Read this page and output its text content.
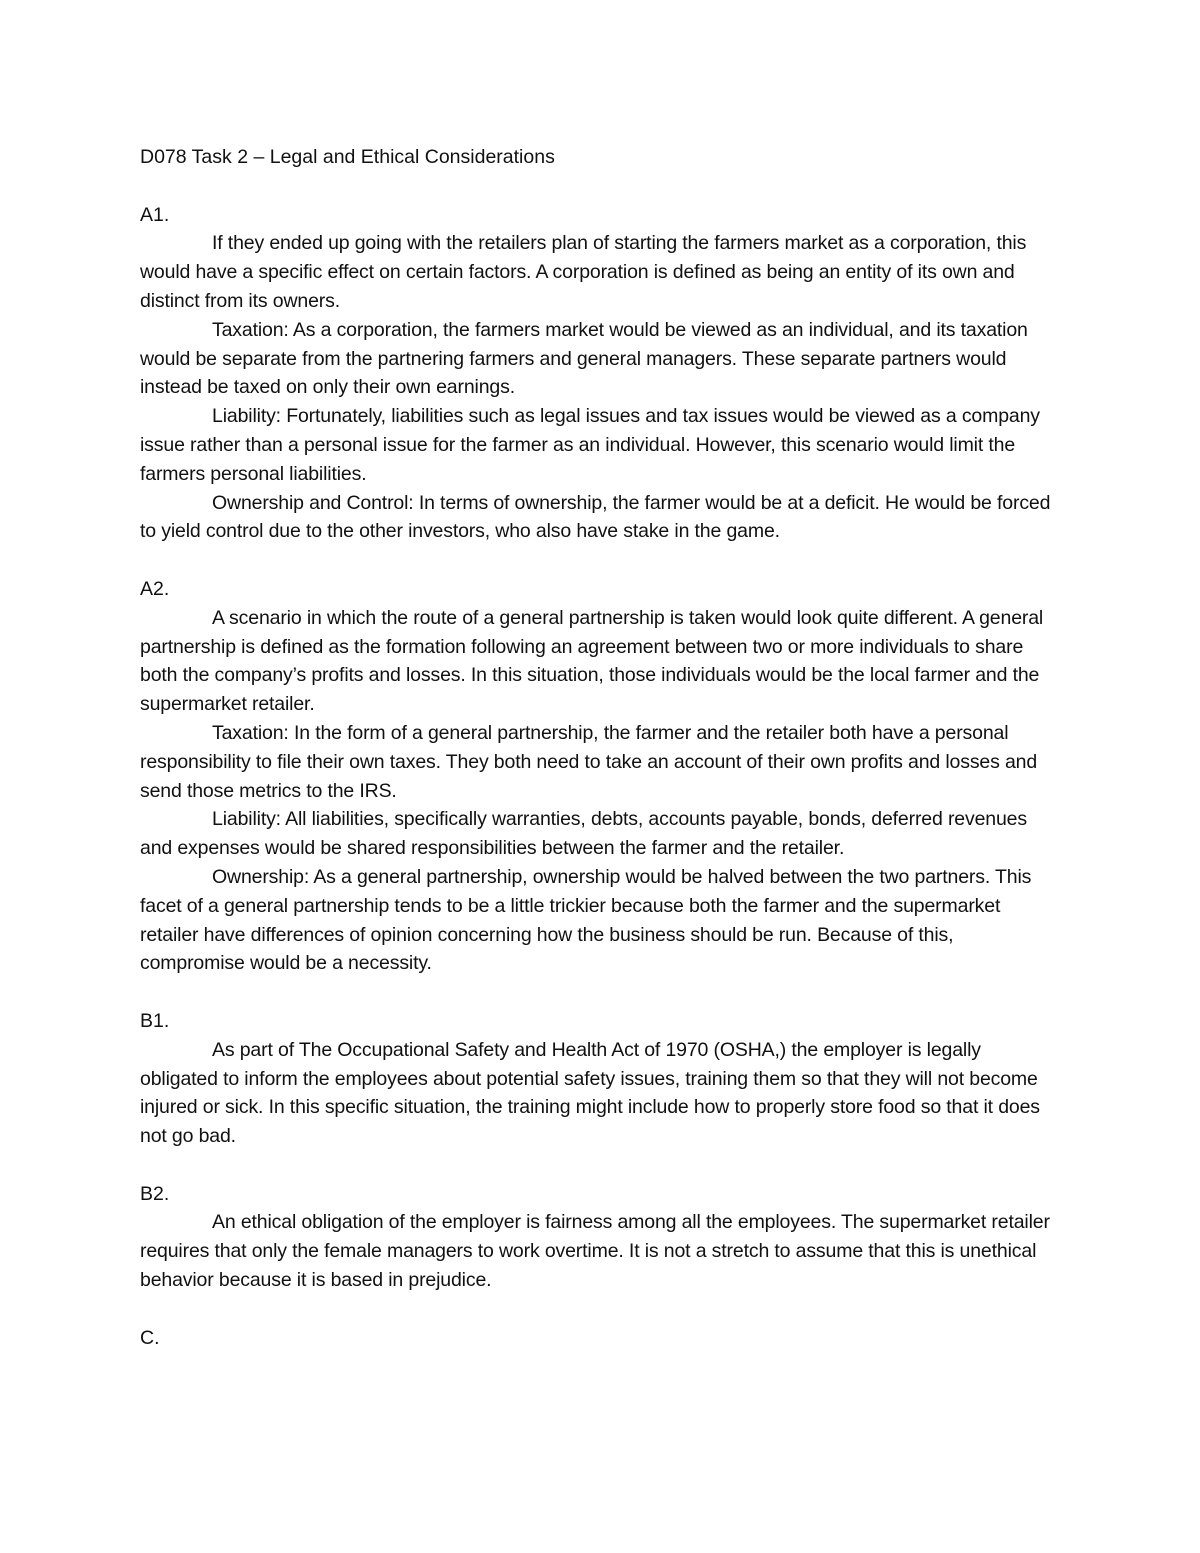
D078 Task 2 – Legal and Ethical Considerations

A1.

If they ended up going with the retailers plan of starting the farmers market as a corporation, this would have a specific effect on certain factors. A corporation is defined as being an entity of its own and distinct from its owners.

Taxation: As a corporation, the farmers market would be viewed as an individual, and its taxation would be separate from the partnering farmers and general managers. These separate partners would instead be taxed on only their own earnings.

Liability: Fortunately, liabilities such as legal issues and tax issues would be viewed as a company issue rather than a personal issue for the farmer as an individual. However, this scenario would limit the farmers personal liabilities.

Ownership and Control: In terms of ownership, the farmer would be at a deficit. He would be forced to yield control due to the other investors, who also have stake in the game.

A2.

A scenario in which the route of a general partnership is taken would look quite different. A general partnership is defined as the formation following an agreement between two or more individuals to share both the company’s profits and losses. In this situation, those individuals would be the local farmer and the supermarket retailer.

Taxation: In the form of a general partnership, the farmer and the retailer both have a personal responsibility to file their own taxes. They both need to take an account of their own profits and losses and send those metrics to the IRS.

Liability: All liabilities, specifically warranties, debts, accounts payable, bonds, deferred revenues and expenses would be shared responsibilities between the farmer and the retailer.

Ownership: As a general partnership, ownership would be halved between the two partners. This facet of a general partnership tends to be a little trickier because both the farmer and the supermarket retailer have differences of opinion concerning how the business should be run. Because of this, compromise would be a necessity.

B1.

As part of The Occupational Safety and Health Act of 1970 (OSHA,) the employer is legally obligated to inform the employees about potential safety issues, training them so that they will not become injured or sick. In this specific situation, the training might include how to properly store food so that it does not go bad.

B2.

An ethical obligation of the employer is fairness among all the employees. The supermarket retailer requires that only the female managers to work overtime. It is not a stretch to assume that this is unethical behavior because it is based in prejudice.

C.
